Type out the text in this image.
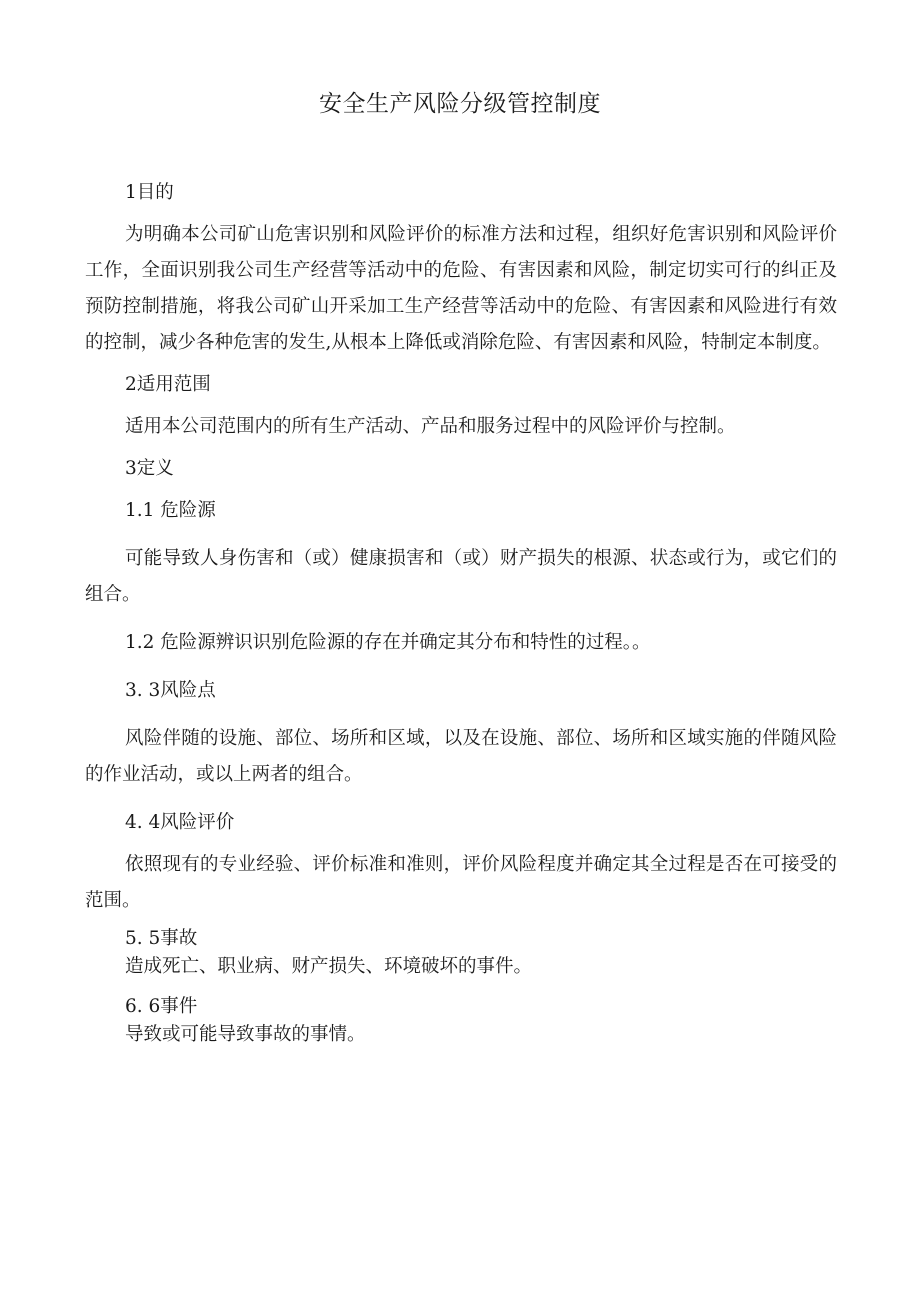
安全生产风险分级管控制度

1目的

为明确本公司矿山危害识别和风险评价的标准方法和过程，组织好危害识别和风险评价工作，全面识别我公司生产经营等活动中的危险、有害因素和风险，制定切实可行的纠正及预防控制措施，将我公司矿山开采加工生产经营等活动中的危险、有害因素和风险进行有效的控制，减少各种危害的发生,从根本上降低或消除危险、有害因素和风险，特制定本制度。

2适用范围

适用本公司范围内的所有生产活动、产品和服务过程中的风险评价与控制。

3定义

1.1 危险源

可能导致人身伤害和（或）健康损害和（或）财产损失的根源、状态或行为，或它们的组合。

1.2 危险源辨识识别危险源的存在并确定其分布和特性的过程。。

3. 3风险点

风险伴随的设施、部位、场所和区域，以及在设施、部位、场所和区域实施的伴随风险的作业活动，或以上两者的组合。

4. 4风险评价

依照现有的专业经验、评价标准和准则，评价风险程度并确定其全过程是否在可接受的范围。

5. 5事故

造成死亡、职业病、财产损失、环境破坏的事件。

6. 6事件

导致或可能导致事故的事情。
